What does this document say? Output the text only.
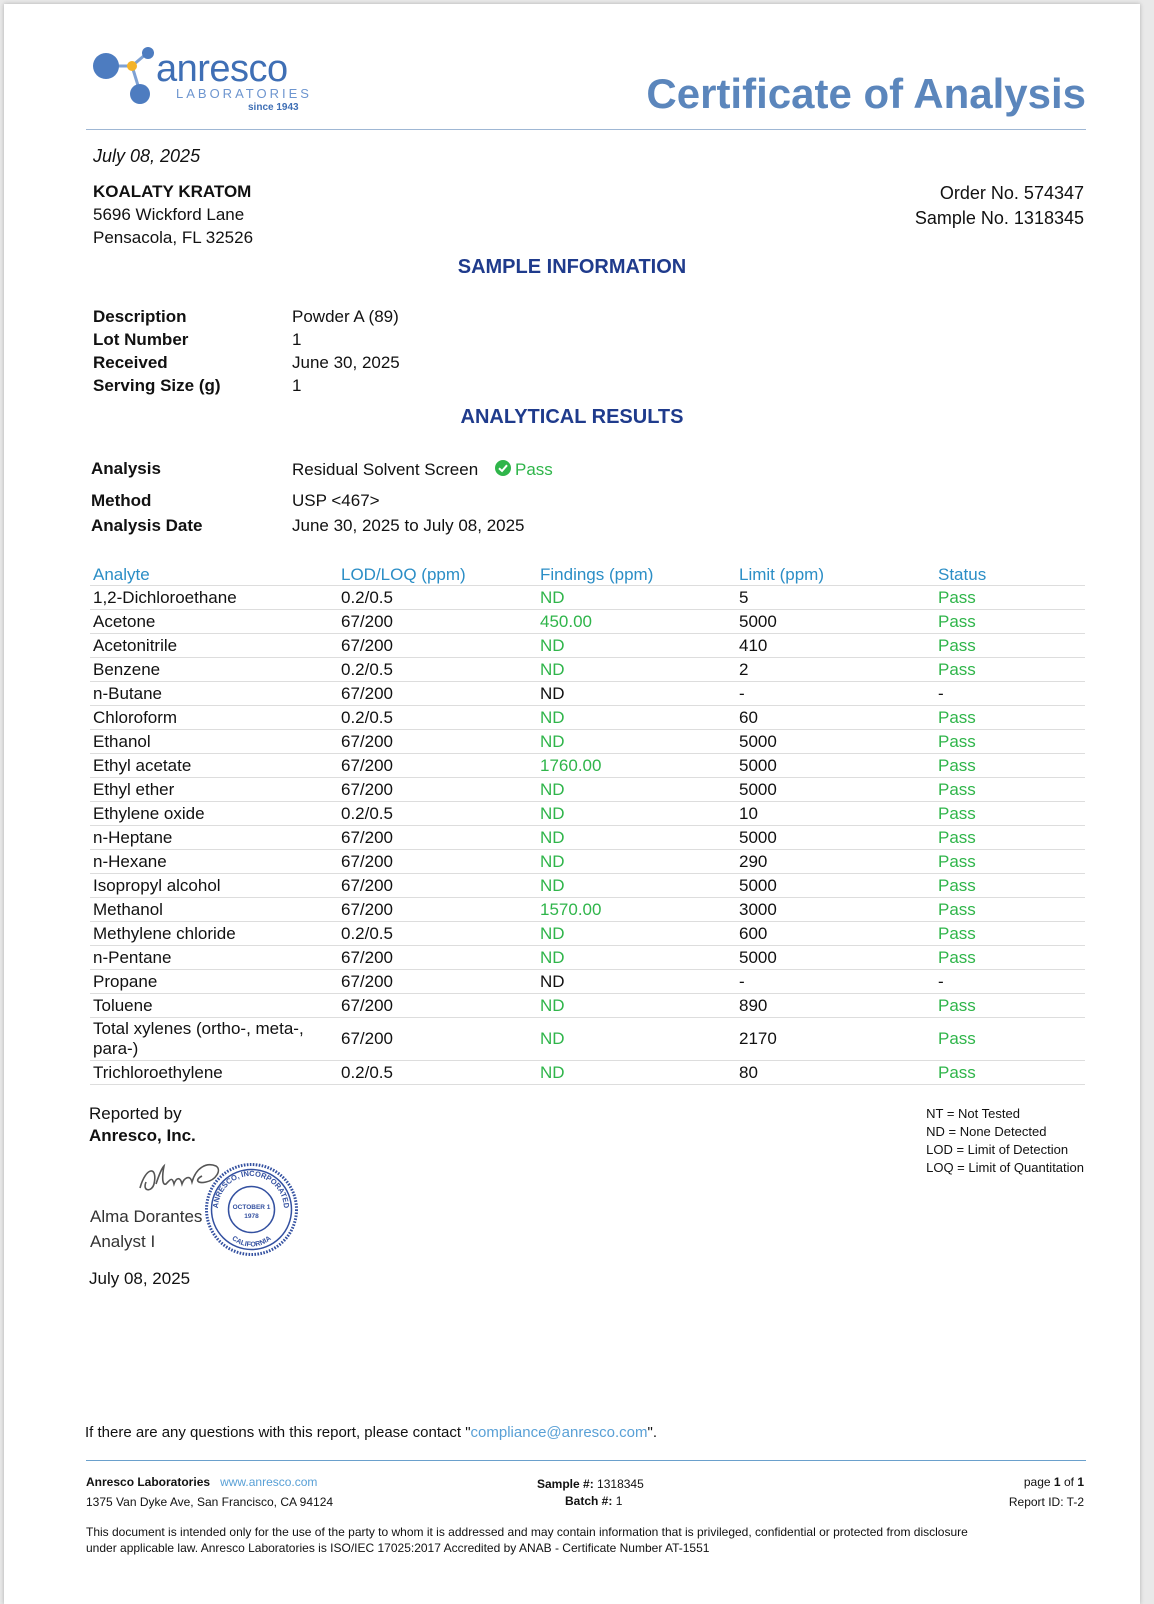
anresco
LABORATORIES
since 1943	Certificate of Analysis
July 08, 2025
KOALATY KRATOM
5696 Wickford Lane
Pensacola, FL 32526
Order No. 574347
Sample No. 1318345
SAMPLE INFORMATION
Description	Powder A (89)
Lot Number	1
Received	June 30, 2025
Serving Size (g)	1
ANALYTICAL RESULTS
Analysis	Residual Solvent Screen Pass
Method	USP <467>
Analysis Date	June 30, 2025 to July 08, 2025
Analyte	LOD/LOQ (ppm)	Findings (ppm)	Limit (ppm)	Status
1,2-Dichloroethane	0.2/0.5	ND	5	Pass
Acetone	67/200	450.00	5000	Pass
Acetonitrile	67/200	ND	410	Pass
Benzene	0.2/0.5	ND	2	Pass
n-Butane	67/200	ND	-	-
Chloroform	0.2/0.5	ND	60	Pass
Ethanol	67/200	ND	5000	Pass
Ethyl acetate	67/200	1760.00	5000	Pass
Ethyl ether	67/200	ND	5000	Pass
Ethylene oxide	0.2/0.5	ND	10	Pass
n-Heptane	67/200	ND	5000	Pass
n-Hexane	67/200	ND	290	Pass
Isopropyl alcohol	67/200	ND	5000	Pass
Methanol	67/200	1570.00	3000	Pass
Methylene chloride	0.2/0.5	ND	600	Pass
n-Pentane	67/200	ND	5000	Pass
Propane	67/200	ND	-	-
Toluene	67/200	ND	890	Pass
Total xylenes (ortho-, meta-, para-)	67/200	ND	2170	Pass
Trichloroethylene	0.2/0.5	ND	80	Pass
Reported by
Anresco, Inc.
Alma Dorantes
Analyst I
July 08, 2025
ANRESCO, INCORPORATED
CALIFORNIA
OCTOBER 1
1978
NT = Not Tested
ND = None Detected
LOD = Limit of Detection
LOQ = Limit of Quantitation
If there are any questions with this report, please contact "compliance@anresco.com".
Anresco Laboratories www.anresco.com
1375 Van Dyke Ave, San Francisco, CA 94124
Sample #: 1318345
Batch #: 1
page 1 of 1
Report ID: T-2
This document is intended only for the use of the party to whom it is addressed and may contain information that is privileged, confidential or protected from disclosure
under applicable law. Anresco Laboratories is ISO/IEC 17025:2017 Accredited by ANAB - Certificate Number AT-1551
